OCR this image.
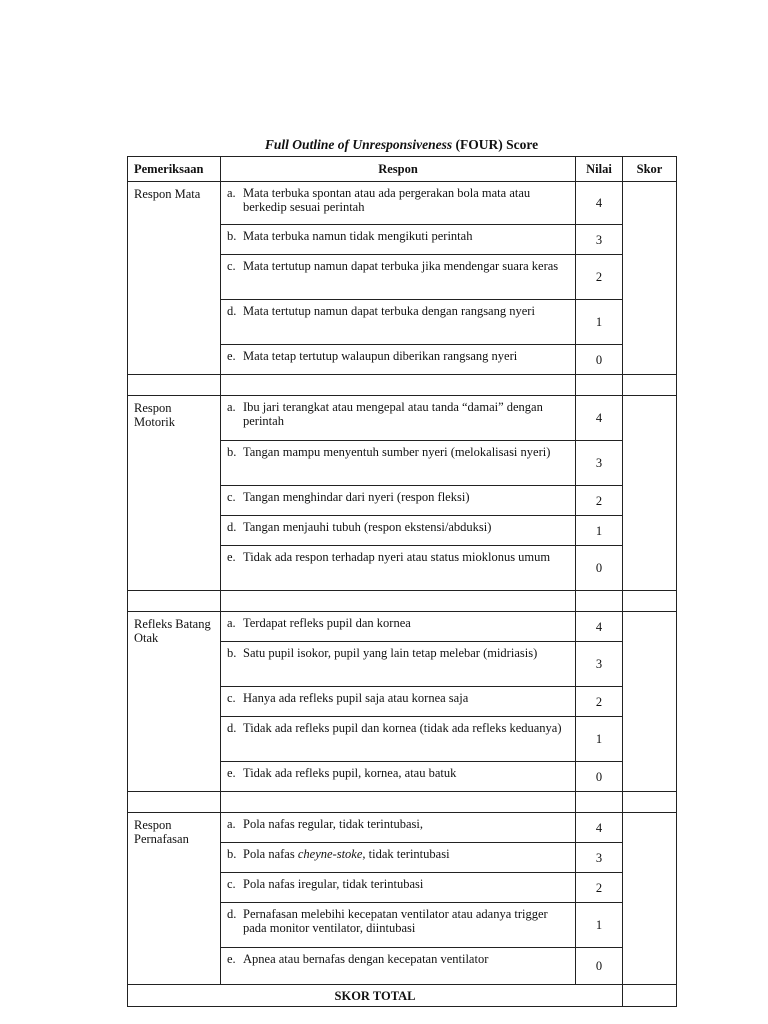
Full Outline of Unresponsiveness (FOUR) Score
Pemeriksaan	Respon	Nilai	Skor
Respon Mata	a. Mata terbuka spontan atau ada pergerakan bola mata atau berkedip sesuai perintah	4	

	b. Mata terbuka namun tidak mengikuti perintah	3	

	c. Mata tertutup namun dapat terbuka jika mendengar suara keras	2	

	d. Mata tertutup namun dapat terbuka dengan rangsang nyeri	1	

	e. Mata tetap tertutup walaupun diberikan rangsang nyeri	0	

Respon Motorik	a. Ibu jari terangkat atau mengepal atau tanda “damai” dengan perintah	4	

	b. Tangan mampu menyentuh sumber nyeri (melokalisasi nyeri)	3	

	c. Tangan menghindar dari nyeri (respon fleksi)	2	

	d. Tangan menjauhi tubuh (respon ekstensi/abduksi)	1	

	e. Tidak ada respon terhadap nyeri atau status mioklonus umum	0	

Refleks Batang Otak	a. Terdapat refleks pupil dan kornea	4	

	b. Satu pupil isokor, pupil yang lain tetap melebar (midriasis)	3	

	c. Hanya ada refleks pupil saja atau kornea saja	2	

	d. Tidak ada refleks pupil dan kornea (tidak ada refleks keduanya)	1	

	e. Tidak ada refleks pupil, kornea, atau batuk	0	

Respon Pernafasan	a. Pola nafas regular, tidak terintubasi,	4	

	b. Pola nafas cheyne-stoke, tidak terintubasi	3	

	c. Pola nafas iregular, tidak terintubasi	2	

	d. Pernafasan melebihi kecepatan ventilator atau adanya trigger pada monitor ventilator, diintubasi	1	

	e. Apnea atau bernafas dengan kecepatan ventilator	0	
SKOR TOTAL			
